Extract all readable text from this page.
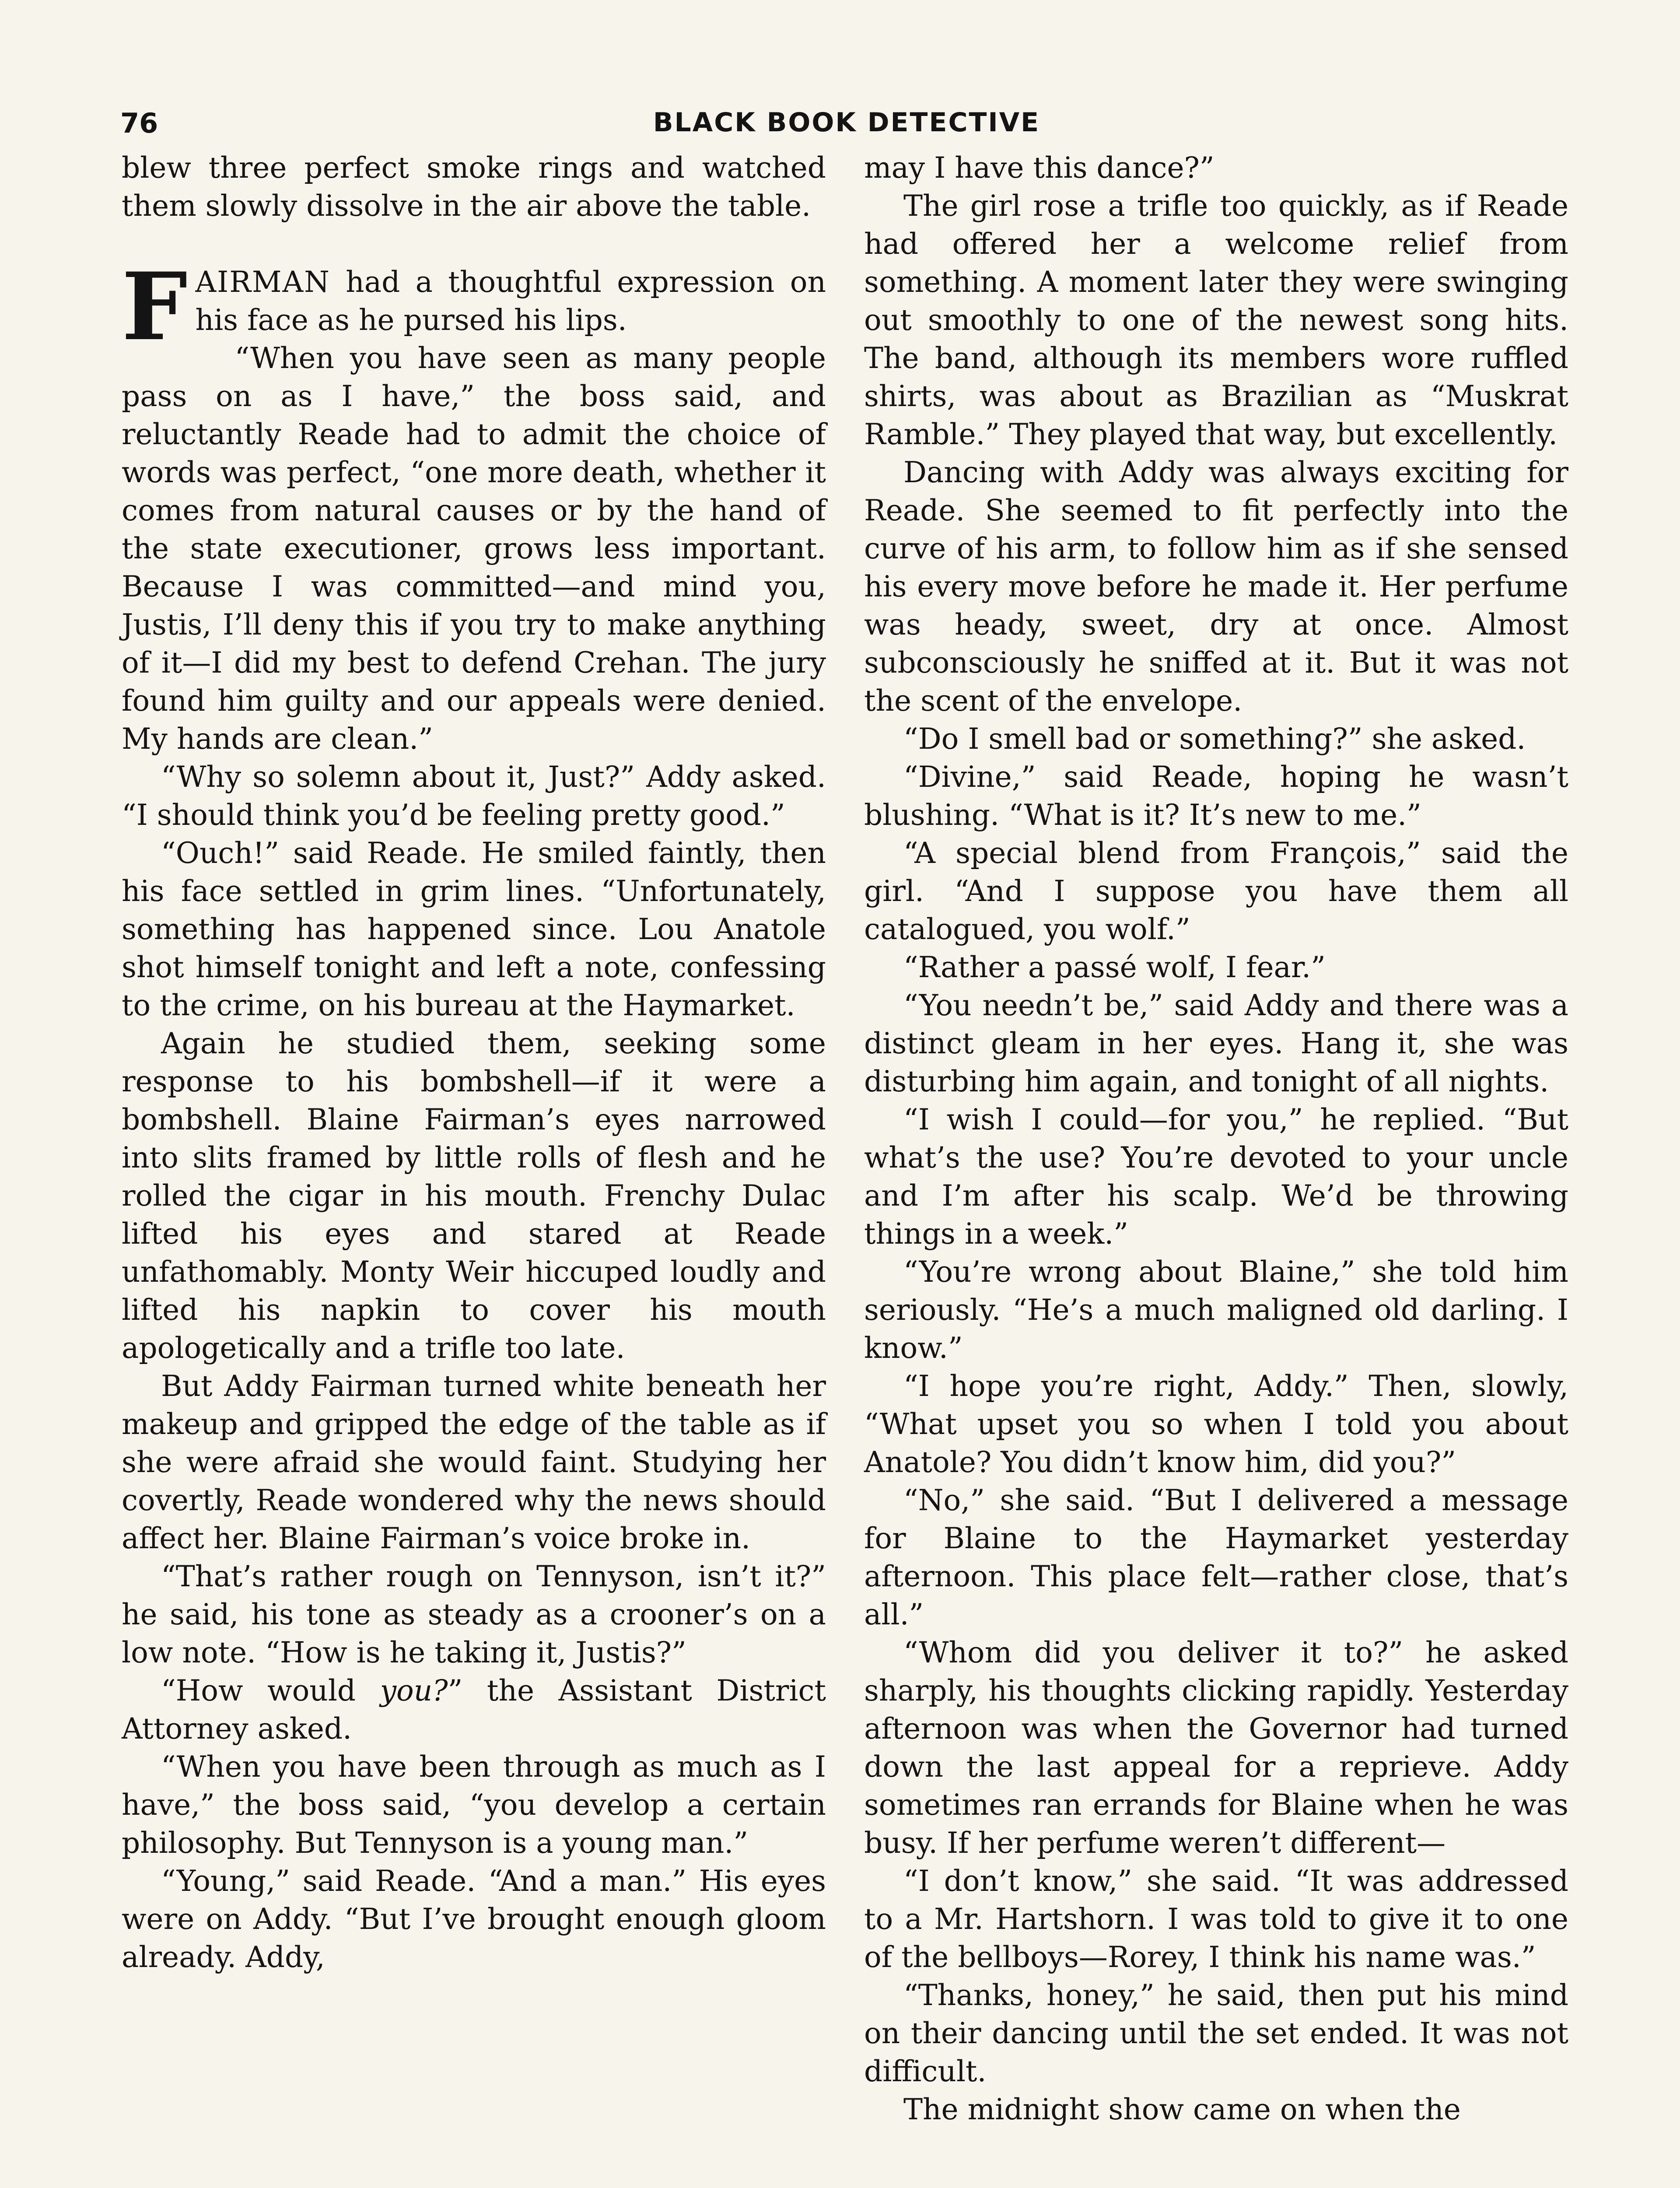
76	BLACK BOOK DETECTIVE

blew three perfect smoke rings and watched them slowly dissolve in the air above the table.

FAIRMAN had a thoughtful expression on his face as he pursed his lips.

“When you have seen as many people pass on as I have,” the boss said, and reluctantly Reade had to admit the choice of words was perfect, “one more death, whether it comes from natural causes or by the hand of the state executioner, grows less important. Because I was committed—and mind you, Justis, I’ll deny this if you try to make anything of it—I did my best to defend Crehan. The jury found him guilty and our appeals were denied. My hands are clean.”

“Why so solemn about it, Just?” Addy asked. “I should think you’d be feeling pretty good.”

“Ouch!” said Reade. He smiled faintly, then his face settled in grim lines. “Unfortunately, something has happened since. Lou Anatole shot himself tonight and left a note, confessing to the crime, on his bureau at the Haymarket.

Again he studied them, seeking some response to his bombshell—if it were a bombshell. Blaine Fairman’s eyes narrowed into slits framed by little rolls of flesh and he rolled the cigar in his mouth. Frenchy Dulac lifted his eyes and stared at Reade unfathomably. Monty Weir hiccuped loudly and lifted his napkin to cover his mouth apologetically and a trifle too late.

But Addy Fairman turned white beneath her makeup and gripped the edge of the table as if she were afraid she would faint. Studying her covertly, Reade wondered why the news should affect her. Blaine Fairman’s voice broke in.

“That’s rather rough on Tennyson, isn’t it?” he said, his tone as steady as a crooner’s on a low note. “How is he taking it, Justis?”

“How would you?” the Assistant District Attorney asked.

“When you have been through as much as I have,” the boss said, “you develop a certain philosophy. But Tennyson is a young man.”

“Young,” said Reade. “And a man.” His eyes were on Addy. “But I’ve brought enough gloom already. Addy,

may I have this dance?”

The girl rose a trifle too quickly, as if Reade had offered her a welcome relief from something. A moment later they were swinging out smoothly to one of the newest song hits. The band, although its members wore ruffled shirts, was about as Brazilian as “Muskrat Ramble.” They played that way, but excellently.

Dancing with Addy was always exciting for Reade. She seemed to fit perfectly into the curve of his arm, to follow him as if she sensed his every move before he made it. Her perfume was heady, sweet, dry at once. Almost subconsciously he sniffed at it. But it was not the scent of the envelope.

“Do I smell bad or something?” she asked.

“Divine,” said Reade, hoping he wasn’t blushing. “What is it? It’s new to me.”

“A special blend from François,” said the girl. “And I suppose you have them all catalogued, you wolf.”

“Rather a passé wolf, I fear.”

“You needn’t be,” said Addy and there was a distinct gleam in her eyes. Hang it, she was disturbing him again, and tonight of all nights.

“I wish I could—for you,” he replied. “But what’s the use? You’re devoted to your uncle and I’m after his scalp. We’d be throwing things in a week.”

“You’re wrong about Blaine,” she told him seriously. “He’s a much maligned old darling. I know.”

“I hope you’re right, Addy.” Then, slowly, “What upset you so when I told you about Anatole? You didn’t know him, did you?”

“No,” she said. “But I delivered a message for Blaine to the Haymarket yesterday afternoon. This place felt—rather close, that’s all.”

“Whom did you deliver it to?” he asked sharply, his thoughts clicking rapidly. Yesterday afternoon was when the Governor had turned down the last appeal for a reprieve. Addy sometimes ran errands for Blaine when he was busy. If her perfume weren’t different—

“I don’t know,” she said. “It was addressed to a Mr. Hartshorn. I was told to give it to one of the bellboys—Rorey, I think his name was.”

“Thanks, honey,” he said, then put his mind on their dancing until the set ended. It was not difficult.

The midnight show came on when the
